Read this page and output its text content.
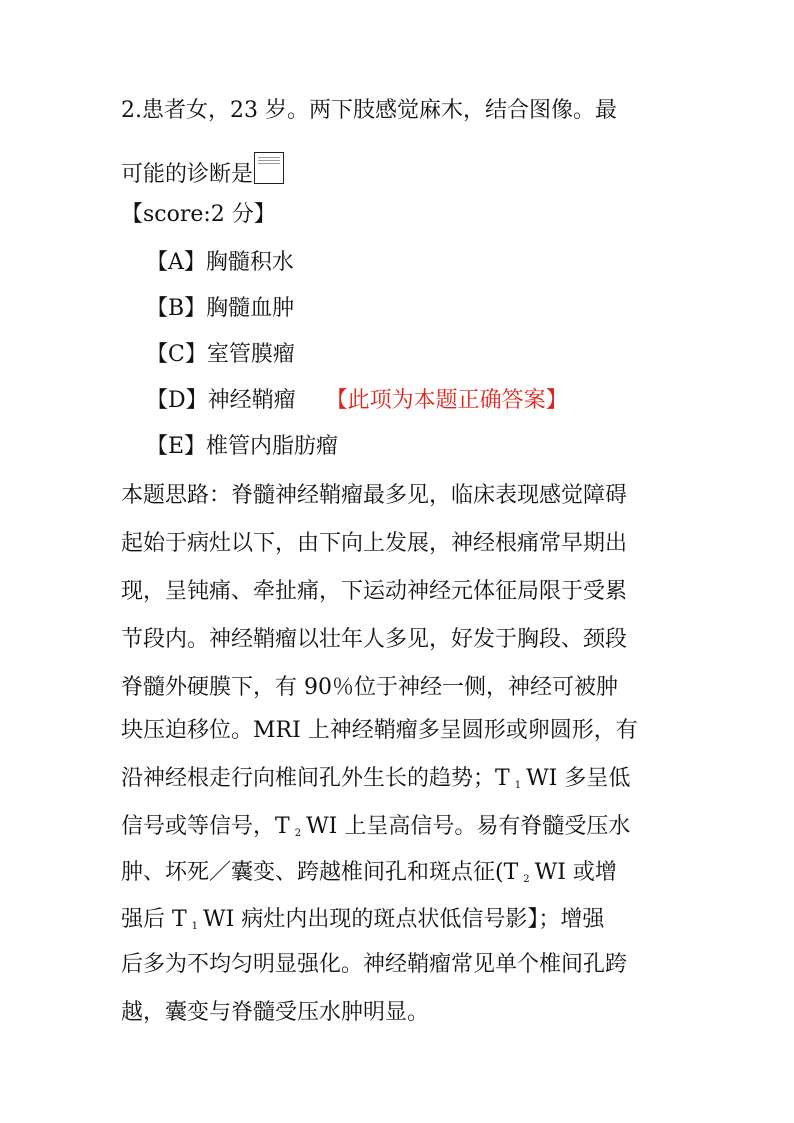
2.患者女，23 岁。两下肢感觉麻木，结合图像。最
可能的诊断是
【score:2 分】
【A】胸髓积水
【B】胸髓血肿
【C】室管膜瘤
【D】神经鞘瘤 【此项为本题正确答案】
【E】椎管内脂肪瘤
本题思路：脊髓神经鞘瘤最多见，临床表现感觉障碍
起始于病灶以下，由下向上发展，神经根痛常早期出
现，呈钝痛、牵扯痛，下运动神经元体征局限于受累
节段内。神经鞘瘤以壮年人多见，好发于胸段、颈段
脊髓外硬膜下，有 90％位于神经一侧，神经可被肿
块压迫移位。MRI 上神经鞘瘤多呈圆形或卵圆形，有
沿神经根走行向椎间孔外生长的趋势；T $_1$ WI 多呈低
信号或等信号，T $_2$ WI 上呈高信号。易有脊髓受压水
肿、坏死／囊变、跨越椎间孔和斑点征(T $_2$ WI 或增
强后 T $_1$ WI 病灶内出现的斑点状低信号影】；增强
后多为不均匀明显强化。神经鞘瘤常见单个椎间孔跨
越，囊变与脊髓受压水肿明显。
